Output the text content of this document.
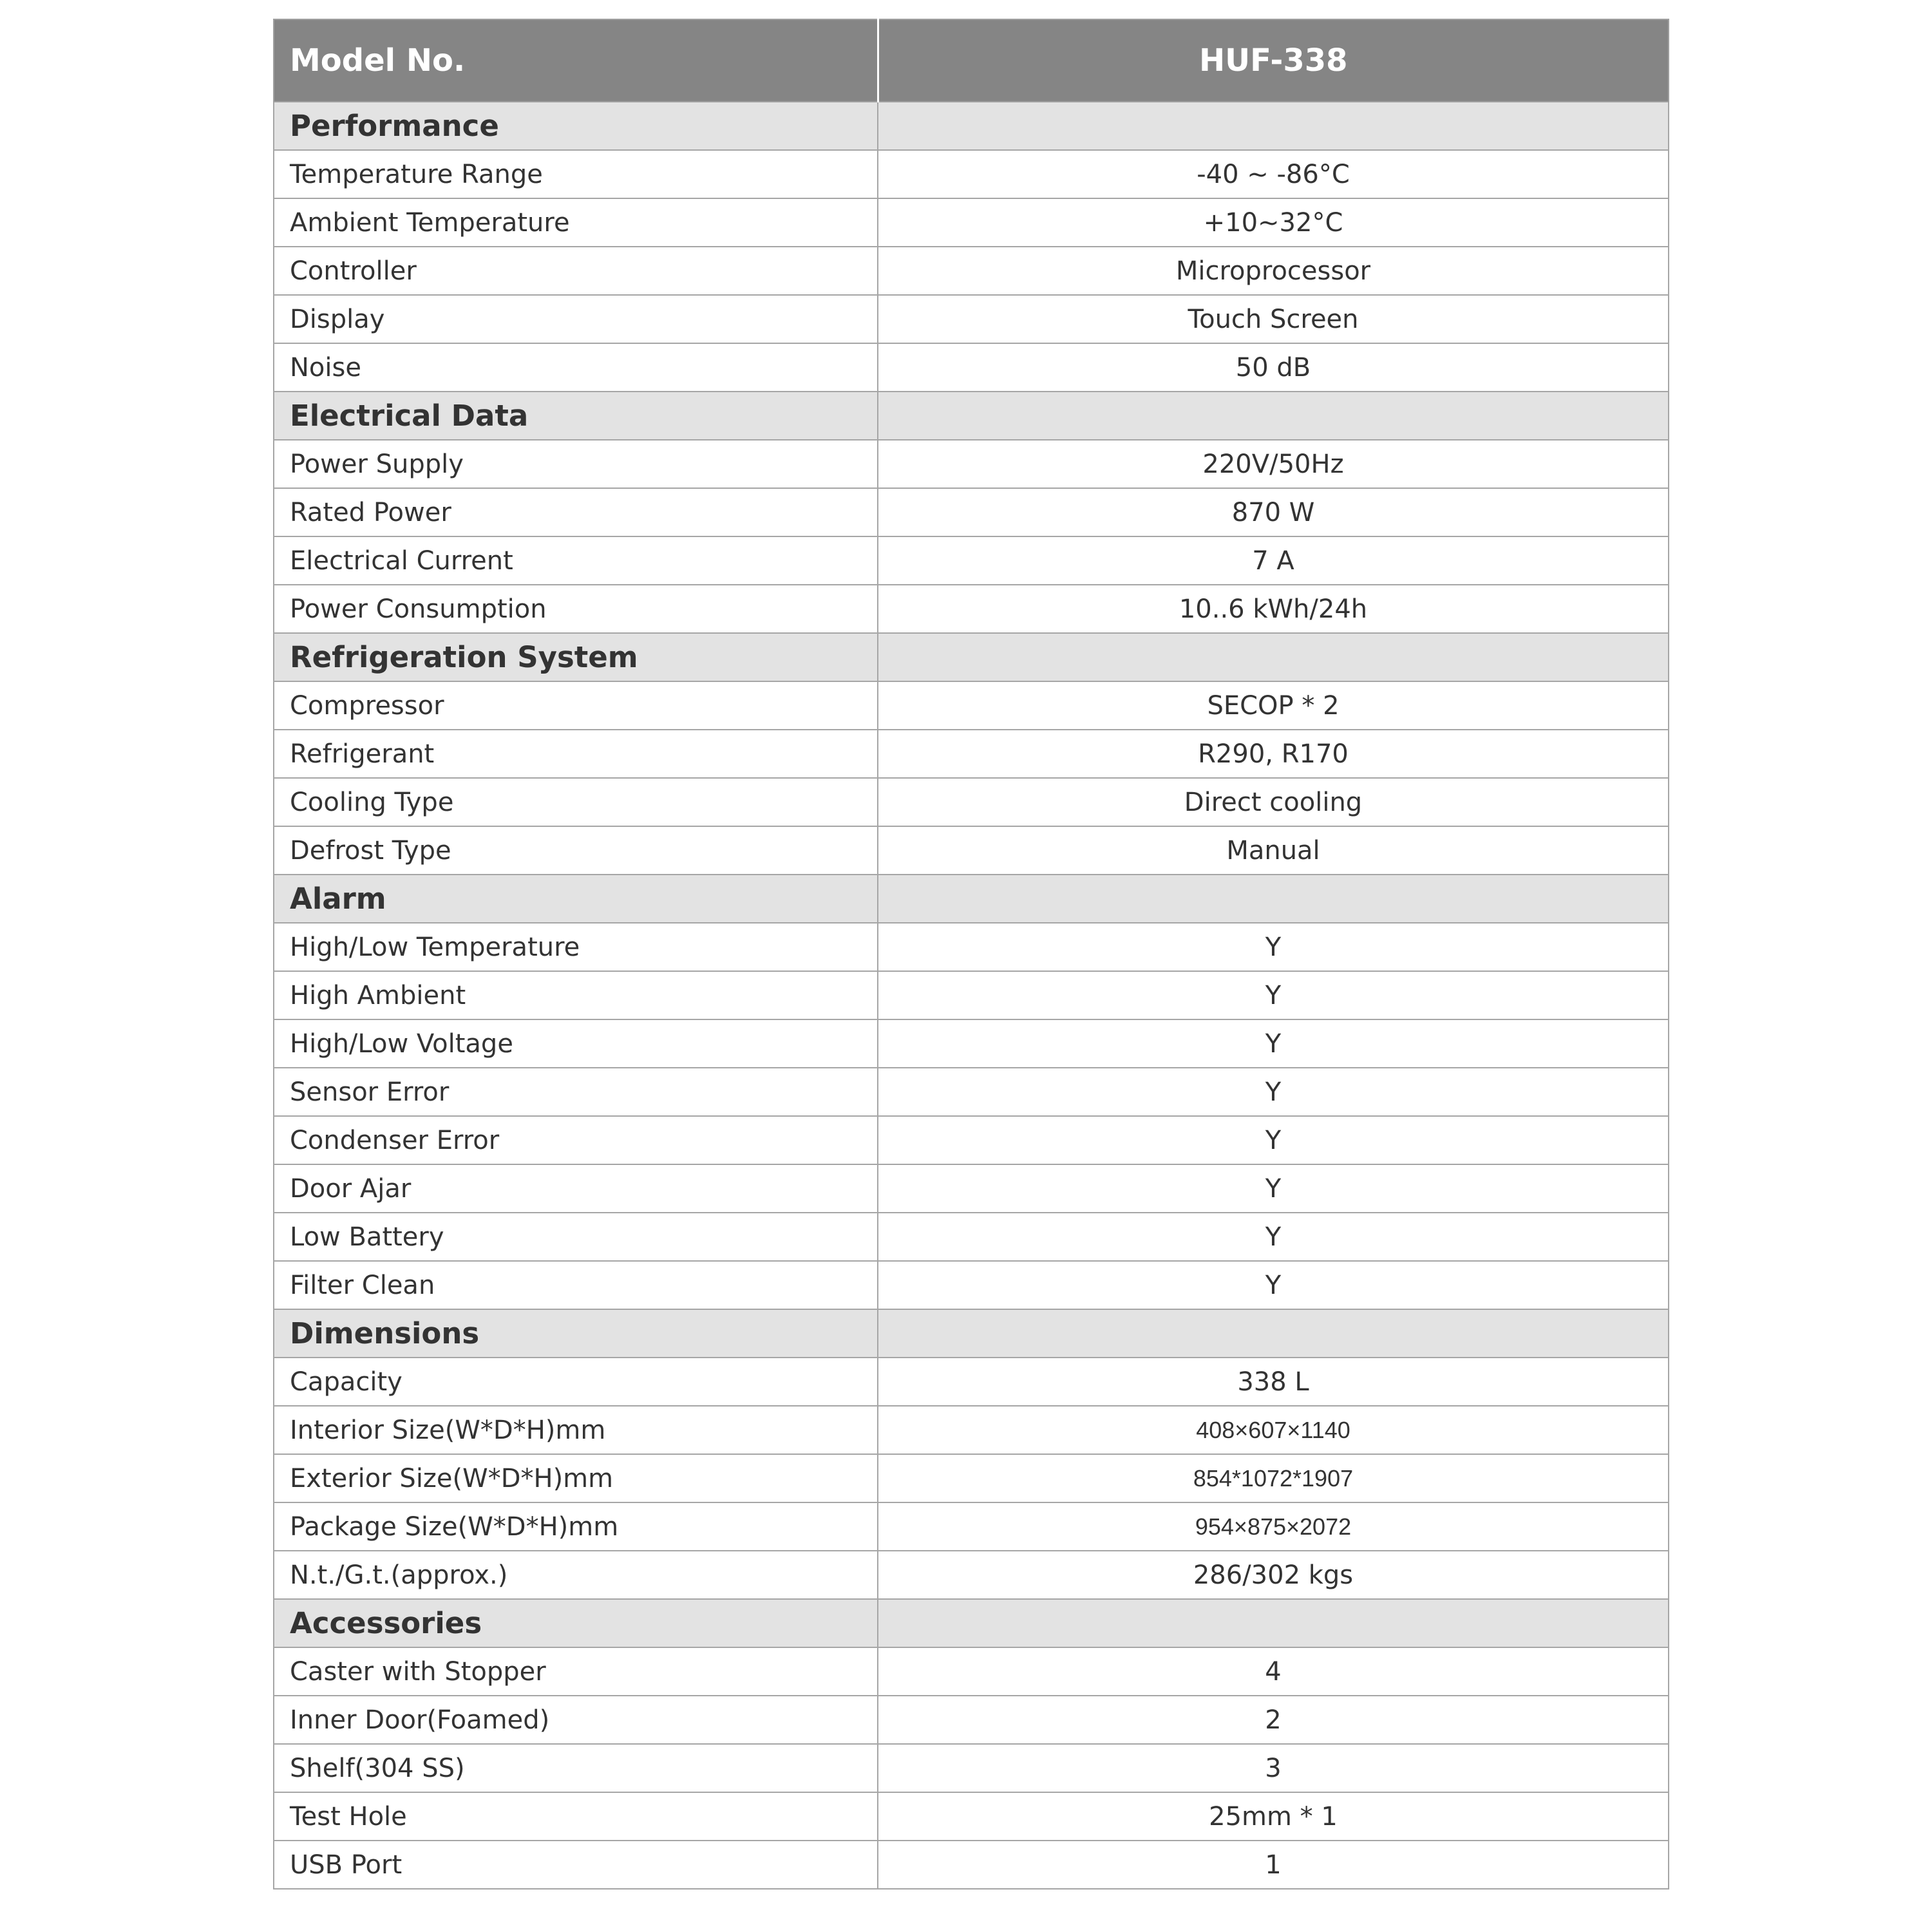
Model No.	HUF-338
Performance	
Temperature Range	-40 ~ -86°C
Ambient Temperature	+10~32°C
Controller	Microprocessor
Display	Touch Screen
Noise	50 dB
Electrical Data	
Power Supply	220V/50Hz
Rated Power	870 W
Electrical Current	7 A
Power Consumption	10..6 kWh/24h
Refrigeration System	
Compressor	SECOP * 2
Refrigerant	R290, R170
Cooling Type	Direct cooling
Defrost Type	Manual
Alarm	
High/Low Temperature	Y
High Ambient	Y
High/Low Voltage	Y
Sensor Error	Y
Condenser Error	Y
Door Ajar	Y
Low Battery	Y
Filter Clean	Y
Dimensions	
Capacity	338 L
Interior Size(W*D*H)mm	408×607×1140
Exterior Size(W*D*H)mm	854*1072*1907
Package Size(W*D*H)mm	954×875×2072
N.t./G.t.(approx.)	286/302 kgs
Accessories	
Caster with Stopper	4
Inner Door(Foamed)	2
Shelf(304 SS)	3
Test Hole	25mm * 1
USB Port	1
